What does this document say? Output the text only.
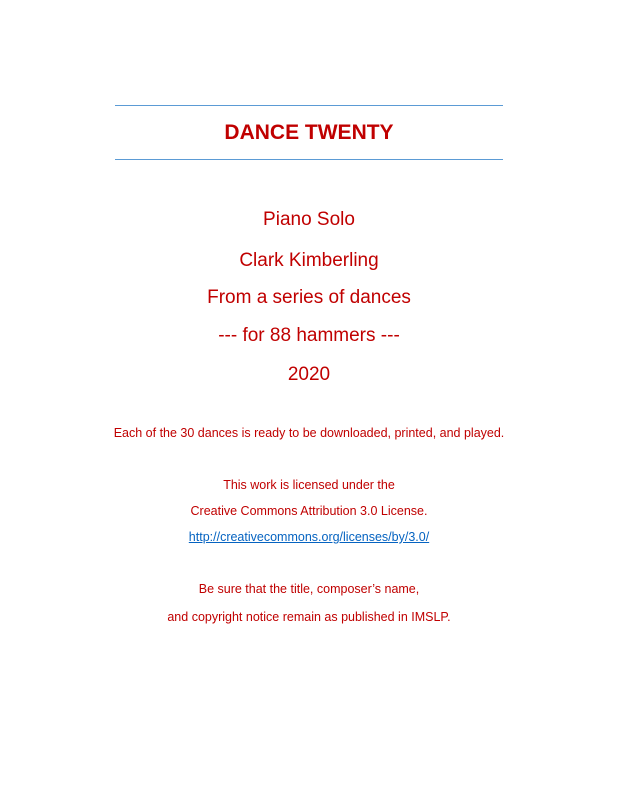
DANCE TWENTY
Piano Solo
Clark Kimberling
From a series of dances
--- for 88 hammers ---
2020
Each of the 30 dances is ready to be downloaded, printed, and played.
This work is licensed under the
Creative Commons Attribution 3.0 License.
http://creativecommons.org/licenses/by/3.0/
Be sure that the title, composer’s name,
and copyright notice remain as published in IMSLP.
